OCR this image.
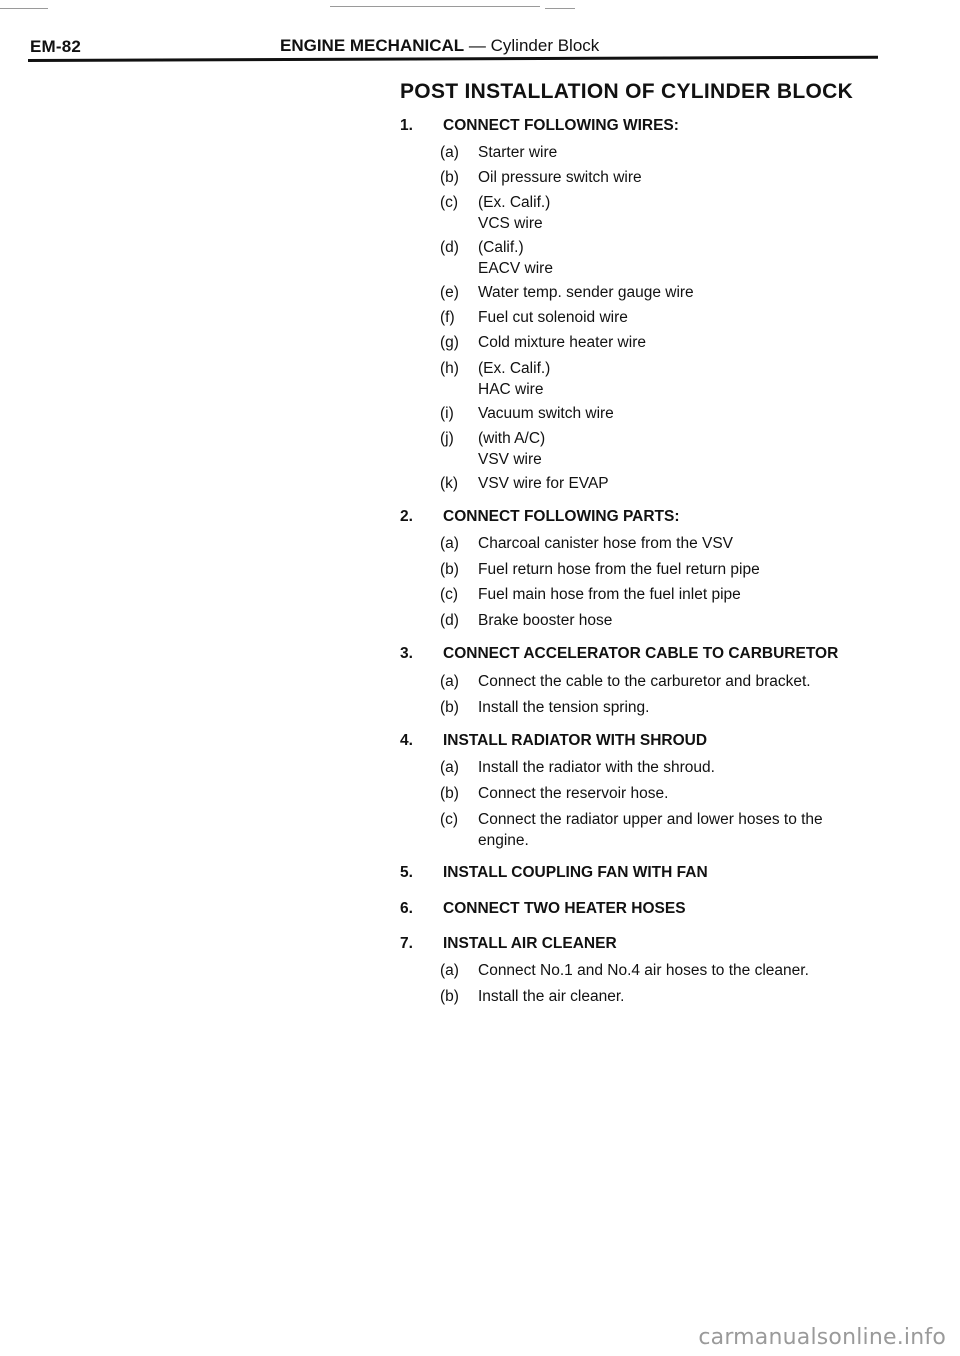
EM-82	ENGINE MECHANICAL — Cylinder Block
POST INSTALLATION OF CYLINDER BLOCK
1. CONNECT FOLLOWING WIRES:
(a) Starter wire
(b) Oil pressure switch wire
(c) (Ex. Calif.)
VCS wire
(d) (Calif.)
EACV wire
(e) Water temp. sender gauge wire
(f) Fuel cut solenoid wire
(g) Cold mixture heater wire
(h) (Ex. Calif.)
HAC wire
(i) Vacuum switch wire
(j) (with A/C)
VSV wire
(k) VSV wire for EVAP
2. CONNECT FOLLOWING PARTS:
(a) Charcoal canister hose from the VSV
(b) Fuel return hose from the fuel return pipe
(c) Fuel main hose from the fuel inlet pipe
(d) Brake booster hose
3. CONNECT ACCELERATOR CABLE TO CARBURETOR
(a) Connect the cable to the carburetor and bracket.
(b) Install the tension spring.
4. INSTALL RADIATOR WITH SHROUD
(a) Install the radiator with the shroud.
(b) Connect the reservoir hose.
(c) Connect the radiator upper and lower hoses to the
engine.
5. INSTALL COUPLING FAN WITH FAN
6. CONNECT TWO HEATER HOSES
7. INSTALL AIR CLEANER
(a) Connect No.1 and No.4 air hoses to the cleaner.
(b) Install the air cleaner.
carmanualsonline.info
